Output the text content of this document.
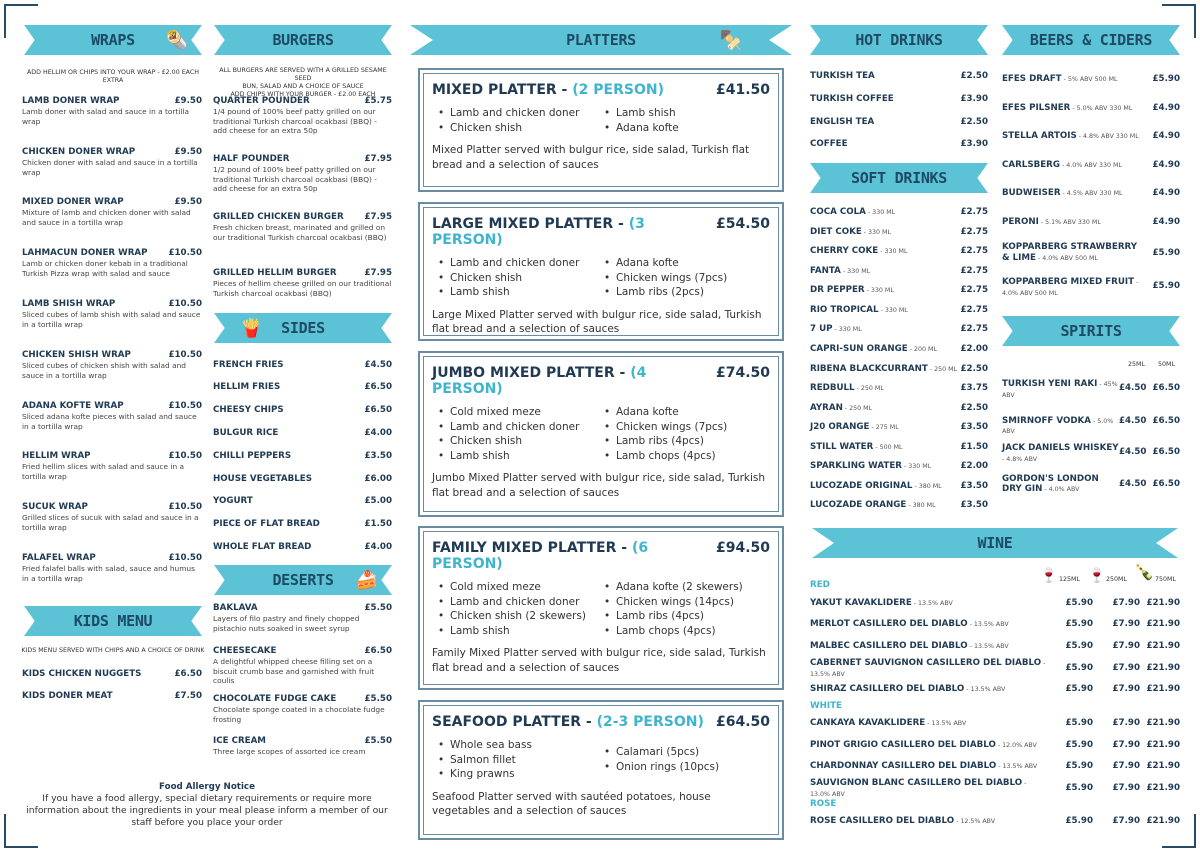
WRAPS 🌯
ADD HELLIM OR CHIPS INTO YOUR WRAP - £2.00 EACH EXTRA
LAMB DONER WRAP	£9.50
Lamb doner with salad and sauce in a tortilla wrap
CHICKEN DONER WRAP	£9.50
Chicken doner with salad and sauce in a tortilla wrap
MIXED DONER WRAP	£9.50
Mixture of lamb and chicken doner with salad and sauce in a tortilla wrap
LAHMACUN DONER WRAP £10.50
Lamb or chicken doner kebab in a traditional Turkish Pizza wrap with salad and sauce
LAMB SHISH WRAP	£10.50
Sliced cubes of lamb shish with salad and sauce in a tortilla wrap
CHICKEN SHISH WRAP	£10.50
Sliced cubes of chicken shish with salad and sauce in a tortilla wrap
ADANA KOFTE WRAP	£10.50
Sliced adana kofte pieces with salad and sauce in a tortilla wrap
HELLIM WRAP	£10.50
Fried hellim slices with salad and sauce in a tortilla wrap
SUCUK WRAP	£10.50
Grilled slices of sucuk with salad and sauce in a tortilla wrap
FALAFEL WRAP	£10.50
Fried falafel balls with salad, sauce and humus in a tortilla wrap
KIDS MENU
KIDS MENU SERVED WITH CHIPS AND A CHOICE OF DRINK
KIDS CHICKEN NUGGETS	£6.50
KIDS DONER MEAT	£7.50
Food Allergy Notice
If you have a food allergy, special dietary requirements or require more information about the ingredients in your meal please inform a member of our staff before you place your order
BURGERS
ALL BURGERS ARE SERVED WITH A GRILLED SESAME SEED
BUN, SALAD AND A CHOICE OF SAUCE
ADD CHIPS WITH YOUR BURGER - £2.00 EACH
QUARTER POUNDER	£5.75
1/4 pound of 100% beef patty grilled on our traditional Turkish charcoal ocakbasi (BBQ) - add cheese for an extra 50p
HALF POUNDER	£7.95
1/2 pound of 100% beef patty grilled on our traditional Turkish charcoal ocakbasi (BBQ) - add cheese for an extra 50p
GRILLED CHICKEN BURGER £7.95
Fresh chicken breast, marinated and grilled on our traditional Turkish charcoal ocakbasi (BBQ)
GRILLED HELLIM BURGER	£7.95
Pieces of hellim cheese grilled on our traditional Turkish charcoal ocakbasi (BBQ)
SIDES
🍟
FRENCH FRIES	£4.50
HELLIM FRIES	£6.50
CHEESY CHIPS	£6.50
BULGUR RICE	£4.00
CHILLI PEPPERS	£3.50
HOUSE VEGETABLES	£6.00
YOGURT	£5.00
PIECE OF FLAT BREAD	£1.50
WHOLE FLAT BREAD	£4.00
DESERTS 🍰
BAKLAVA	£5.50
Layers of filo pastry and finely chopped pistachio nuts soaked in sweet syrup
CHEESECAKE	£6.50
A delightful whipped cheese filling set on a biscuit crumb base and garnished with fruit coulis
CHOCOLATE FUDGE CAKE	£5.50
Chocolate sponge coated in a chocolate fudge frosting
ICE CREAM	£5.50
Three large scopes of assorted ice cream
PLATTERS	🍢
MIXED PLATTER - (2 PERSON)	£41.50
• Lamb and chicken doner
• Chicken shish
• Lamb shish
• Adana kofte

Mixed Platter served with bulgur rice, side salad, Turkish flat bread and a selection of sauces

LARGE MIXED PLATTER - (3 PERSON)
£54.50
• Lamb and chicken doner
• Chicken shish
• Lamb shish
• Adana kofte
• Chicken wings (7pcs)
• Lamb ribs (2pcs)

Large Mixed Platter served with bulgur rice, side salad, Turkish flat bread and a selection of sauces

JUMBO MIXED PLATTER - (4 PERSON)
£74.50
• Cold mixed meze
• Lamb and chicken doner
• Chicken shish
• Lamb shish
• Adana kofte
• Chicken wings (7pcs)
• Lamb ribs (4pcs)
• Lamb chops (4pcs)

Jumbo Mixed Platter served with bulgur rice, side salad, Turkish flat bread and a selection of sauces

FAMILY MIXED PLATTER - (6 PERSON)
£94.50
• Cold mixed meze
• Lamb and chicken doner
• Chicken shish (2 skewers)
• Lamb shish
• Adana kofte (2 skewers)
• Chicken wings (14pcs)
• Lamb ribs (4pcs)
• Lamb chops (4pcs)

Family Mixed Platter served with bulgur rice, side salad, Turkish flat bread and a selection of sauces

SEAFOOD PLATTER - (2-3 PERSON) £64.50
• Whole sea bass
• Salmon fillet
• King prawns
• Calamari (5pcs)
• Onion rings (10pcs)

Seafood Platter served with sautéed potatoes, house vegetables and a selection of sauces

HOT DRINKS
TURKISH TEA	£2.50
TURKISH COFFEE	£3.90
ENGLISH TEA	£2.50
COFFEE	£3.90
SOFT DRINKS
COCA COLA - 330 ML	£2.75
DIET COKE - 330 ML	£2.75
CHERRY COKE - 330 ML	£2.75
FANTA - 330 ML	£2.75
DR PEPPER - 330 ML	£2.75
RIO TROPICAL - 330 ML	£2.75
7 UP - 330 ML	£2.75
CAPRI-SUN ORANGE - 200 ML	£2.00
RIBENA BLACKCURRANT - 250 ML £2.50
REDBULL - 250 ML	£3.75
AYRAN - 250 ML	£2.50
J20 ORANGE - 275 ML	£3.50
STILL WATER - 500 ML	£1.50
SPARKLING WATER - 330 ML	£2.00
LUCOZADE ORIGINAL - 380 ML £3.50
LUCOZADE ORANGE - 380 ML	£3.50
BEERS & CIDERS
EFES DRAFT - 5% ABV 500 ML	£5.90
EFES PILSNER - 5.0% ABV 330 ML £4.90
STELLA ARTOIS - 4.8% ABV 330 ML £4.90
CARLSBERG - 4.0% ABV 330 ML	£4.90
BUDWEISER - 4.5% ABV 330 ML	£4.90
PERONI - 5.1% ABV 330 ML	£4.90
KOPPARBERG STRAWBERRY & LIME - 4.0% ABV 500 ML
£5.90
KOPPARBERG MIXED FRUIT - 4.0% ABV 500 ML
£5.90
SPIRITS
25ML 50ML
TURKISH YENI RAKI - 45% ABV
£4.50 £6.50
SMIRNOFF VODKA - 5.0% ABV
£4.50 £6.50
JACK DANIELS WHISKEY - 4.8% ABV
£4.50 £6.50
GORDON'S LONDON DRY GIN - 4.0% ABV
£4.50 £6.50
WINE
🍷 125ML 🍷 250ML 🍾 750ML
RED
YAKUT KAVAKLIDERE - 13.5% ABV	£5.90	£7.90 £21.90
MERLOT CASILLERO DEL DIABLO - 13.5% ABV	£5.90	£7.90 £21.90
MALBEC CASILLERO DEL DIABLO - 13.5% ABV	£5.90	£7.90 £21.90
CABERNET SAUVIGNON CASILLERO DEL DIABLO - 13.5% ABV
£5.90	£7.90 £21.90
SHIRAZ CASILLERO DEL DIABLO - 13.5% ABV	£5.90	£7.90 £21.90
WHITE
CANKAYA KAVAKLIDERE - 13.5% ABV	£5.90	£7.90 £21.90
PINOT GRIGIO CASILLERO DEL DIABLO - 12.0% ABV	£5.90	£7.90 £21.90
CHARDONNAY CASILLERO DEL DIABLO - 13.5% ABV	£5.90	£7.90 £21.90
SAUVIGNON BLANC CASILLERO DEL DIABLO - 13.0% ABV
£5.90	£7.90 £21.90
ROSE
ROSE CASILLERO DEL DIABLO - 12.5% ABV	£5.90	£7.90 £21.90
